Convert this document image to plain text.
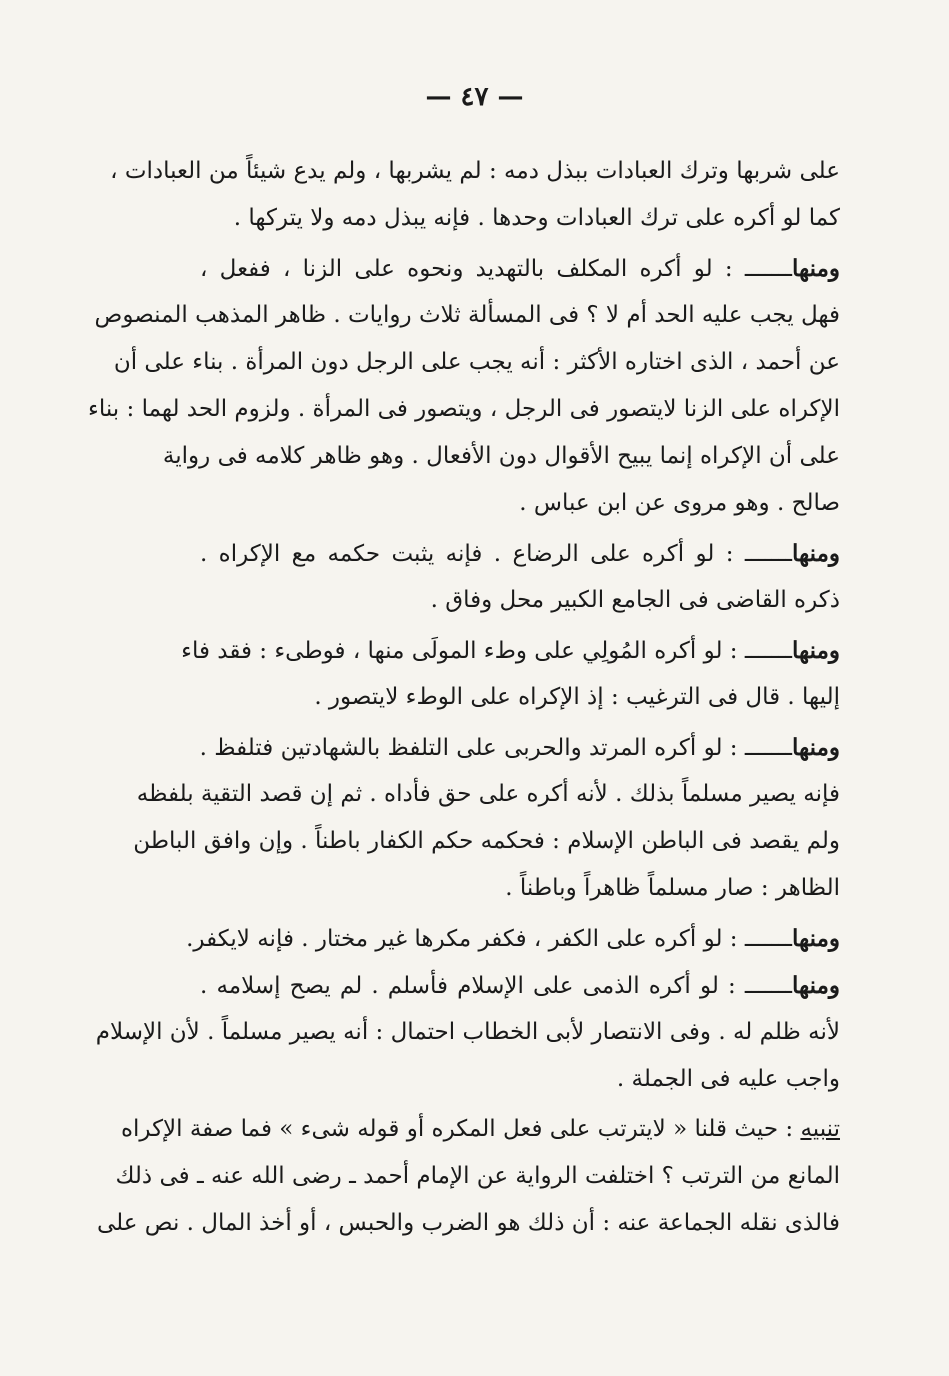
— ٤٧ —
على شربها وترك العبادات ببذل دمه : لم يشربها ، ولم يدع شيئاً من العبادات ،
كما لو أكره على ترك العبادات وحدها . فإنه يبذل دمه ولا يتركها .
ومنها ـــــــ : لو أكره المكلف بالتهديد ونحوه على الزنا ، ففعل ،
فهل يجب عليه الحد أم لا ؟ فى المسألة ثلاث روايات . ظاهر المذهب المنصوص
عن أحمد ، الذى اختاره الأكثر : أنه يجب على الرجل دون المرأة . بناء على أن
الإكراه على الزنا لايتصور فى الرجل ، ويتصور فى المرأة . ولزوم الحد لهما : بناء
على أن الإكراه إنما يبيح الأقوال دون الأفعال . وهو ظاهر كلامه فى رواية
صالح . وهو مروى عن ابن عباس .
ومنها ـــــــ : لو أكره على الرضاع . فإنه يثبت حكمه مع الإكراه .
ذكره القاضى فى الجامع الكبير محل وفاق .
ومنها ـــــــ : لو أكره المُولِي على وطء المولَى منها ، فوطىء : فقد فاء
إليها . قال فى الترغيب : إذ الإكراه على الوطء لايتصور .
ومنها ـــــــ : لو أكره المرتد والحربى على التلفظ بالشهادتين فتلفظ .
فإنه يصير مسلماً بذلك . لأنه أكره على حق فأداه . ثم إن قصد التقية بلفظه
ولم يقصد فى الباطن الإسلام : فحكمه حكم الكفار باطناً . وإن وافق الباطن
الظاهر : صار مسلماً ظاهراً وباطناً .
ومنها ـــــــ : لو أكره على الكفر ، فكفر مكرها غير مختار . فإنه لايكفر.
ومنها ـــــــ : لو أكره الذمى على الإسلام فأسلم . لم يصح إسلامه .
لأنه ظلم له . وفى الانتصار لأبى الخطاب احتمال : أنه يصير مسلماً . لأن الإسلام
واجب عليه فى الجملة .
تنبيه : حيث قلنا « لايترتب على فعل المكره أو قوله شىء » فما صفة الإكراه
المانع من الترتب ؟ اختلفت الرواية عن الإمام أحمد ـ رضى الله عنه ـ فى ذلك
فالذى نقله الجماعة عنه : أن ذلك هو الضرب والحبس ، أو أخذ المال . نص على
